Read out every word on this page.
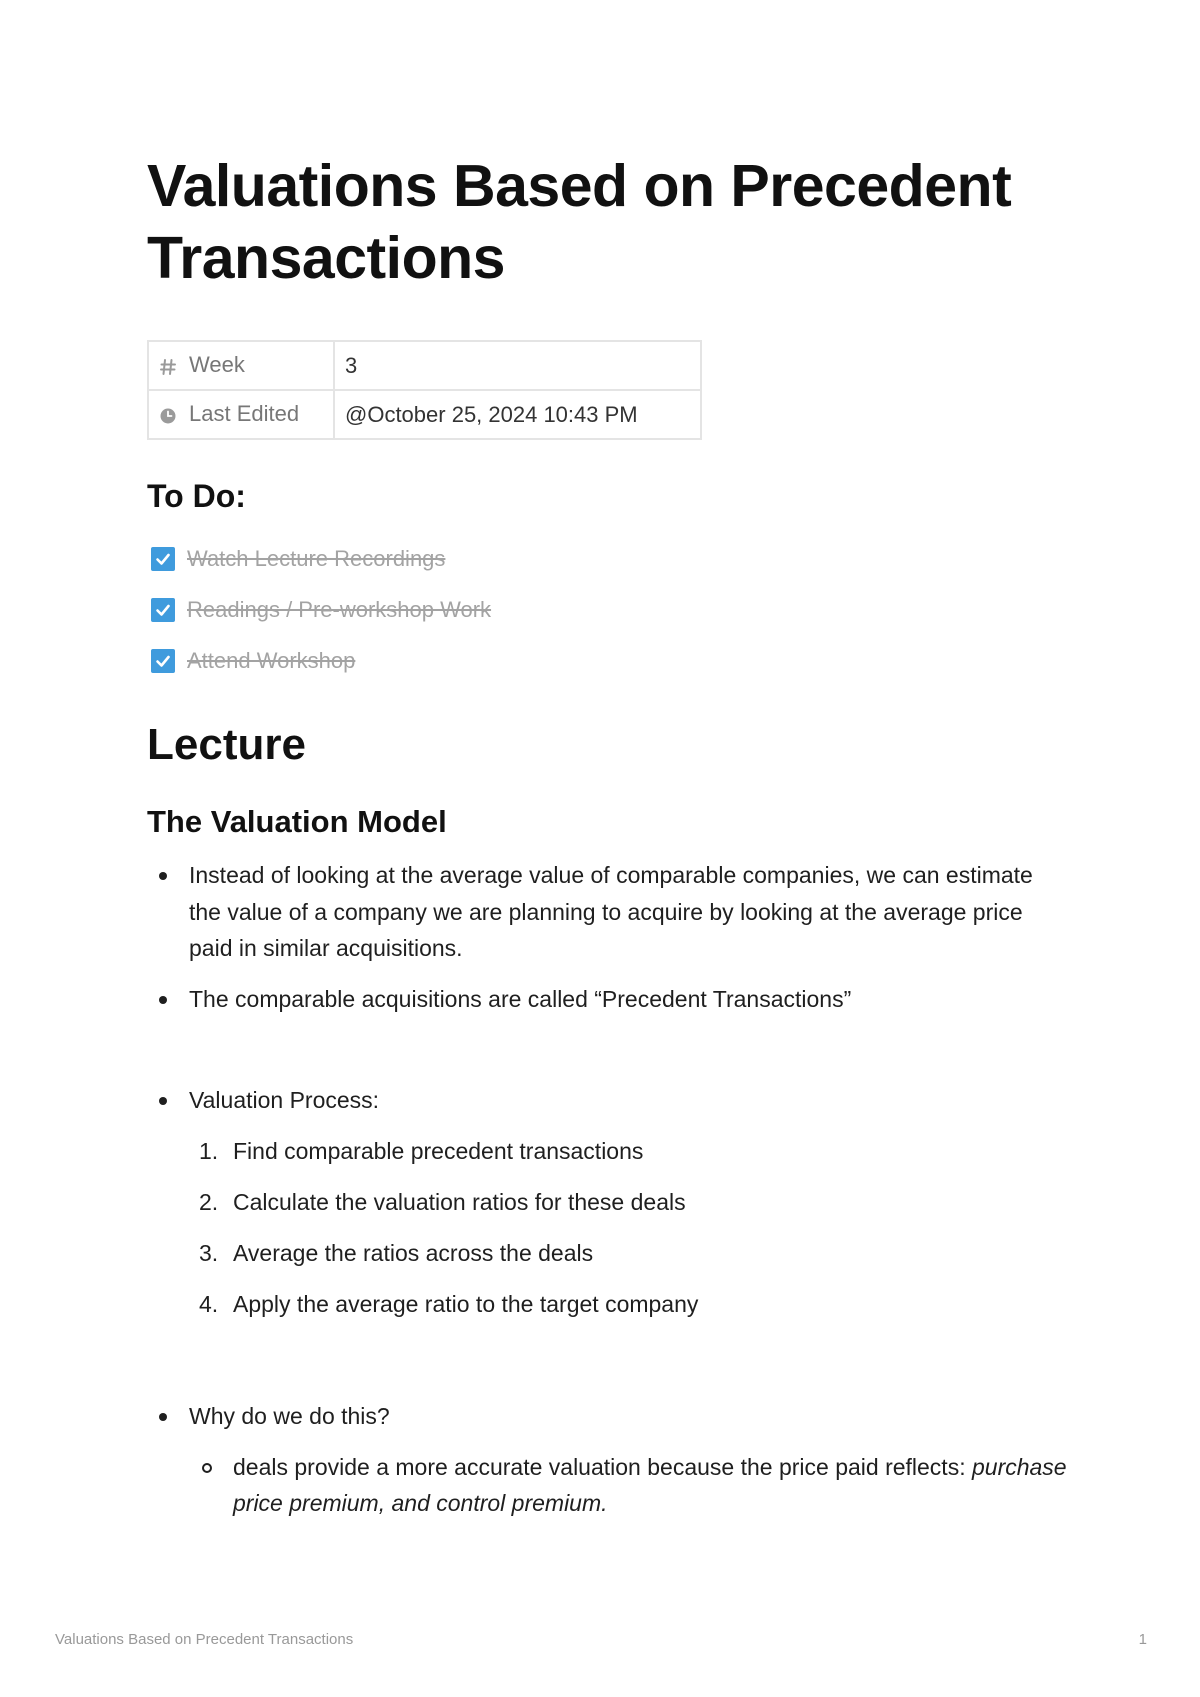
Valuations Based on Precedent Transactions
Week	3
Last Edited	@October 25, 2024 10:43 PM
To Do:
Watch Lecture Recordings
Readings / Pre-workshop Work
Attend Workshop
Lecture
The Valuation Model
Instead of looking at the average value of comparable companies, we can estimate the value of a company we are planning to acquire by looking at the average price paid in similar acquisitions.
The comparable acquisitions are called “Precedent Transactions”
Valuation Process:
1. Find comparable precedent transactions
2. Calculate the valuation ratios for these deals
3. Average the ratios across the deals
4. Apply the average ratio to the target company
Why do we do this?
deals provide a more accurate valuation because the price paid reflects: purchase price premium, and control premium.
Valuations Based on Precedent Transactions	1
